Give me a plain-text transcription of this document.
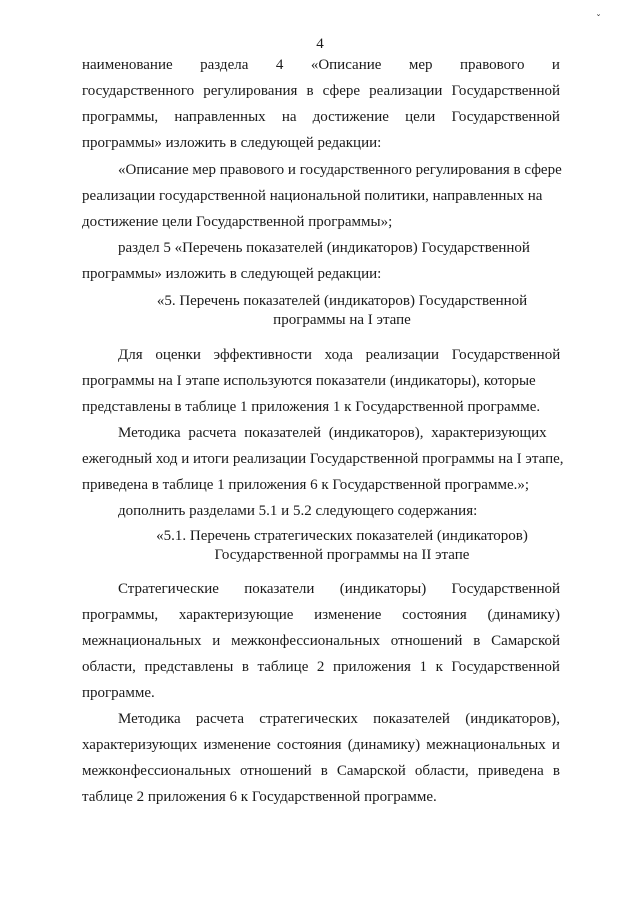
ˇ
4
наименование раздела 4 «Описание мер правового и
государственного регулирования в сфере реализации Государственной
программы, направленных на достижение цели Государственной
программы» изложить в следующей редакции:
«Описание мер правового и государственного регулирования в сфере
реализации государственной национальной политики, направленных на
достижение цели Государственной программы»;
раздел 5 «Перечень показателей (индикаторов) Государственной
программы» изложить в следующей редакции:
«5. Перечень показателей (индикаторов) Государственной
программы на I этапе
Для оценки эффективности хода реализации Государственной
программы на I этапе используются показатели (индикаторы), которые
представлены в таблице 1 приложения 1 к Государственной программе.
Методика расчета показателей (индикаторов), характеризующих
ежегодный ход и итоги реализации Государственной программы на I этапе,
приведена в таблице 1 приложения 6 к Государственной программе.»;
дополнить разделами 5.1 и 5.2 следующего содержания:
«5.1. Перечень стратегических показателей (индикаторов)
Государственной программы на II этапе
Стратегические показатели (индикаторы) Государственной
программы, характеризующие изменение состояния (динамику)
межнациональных и межконфессиональных отношений в Самарской
области, представлены в таблице 2 приложения 1 к Государственной
программе.
Методика расчета стратегических показателей (индикаторов),
характеризующих изменение состояния (динамику) межнациональных и
межконфессиональных отношений в Самарской области, приведена в
таблице 2 приложения 6 к Государственной программе.
